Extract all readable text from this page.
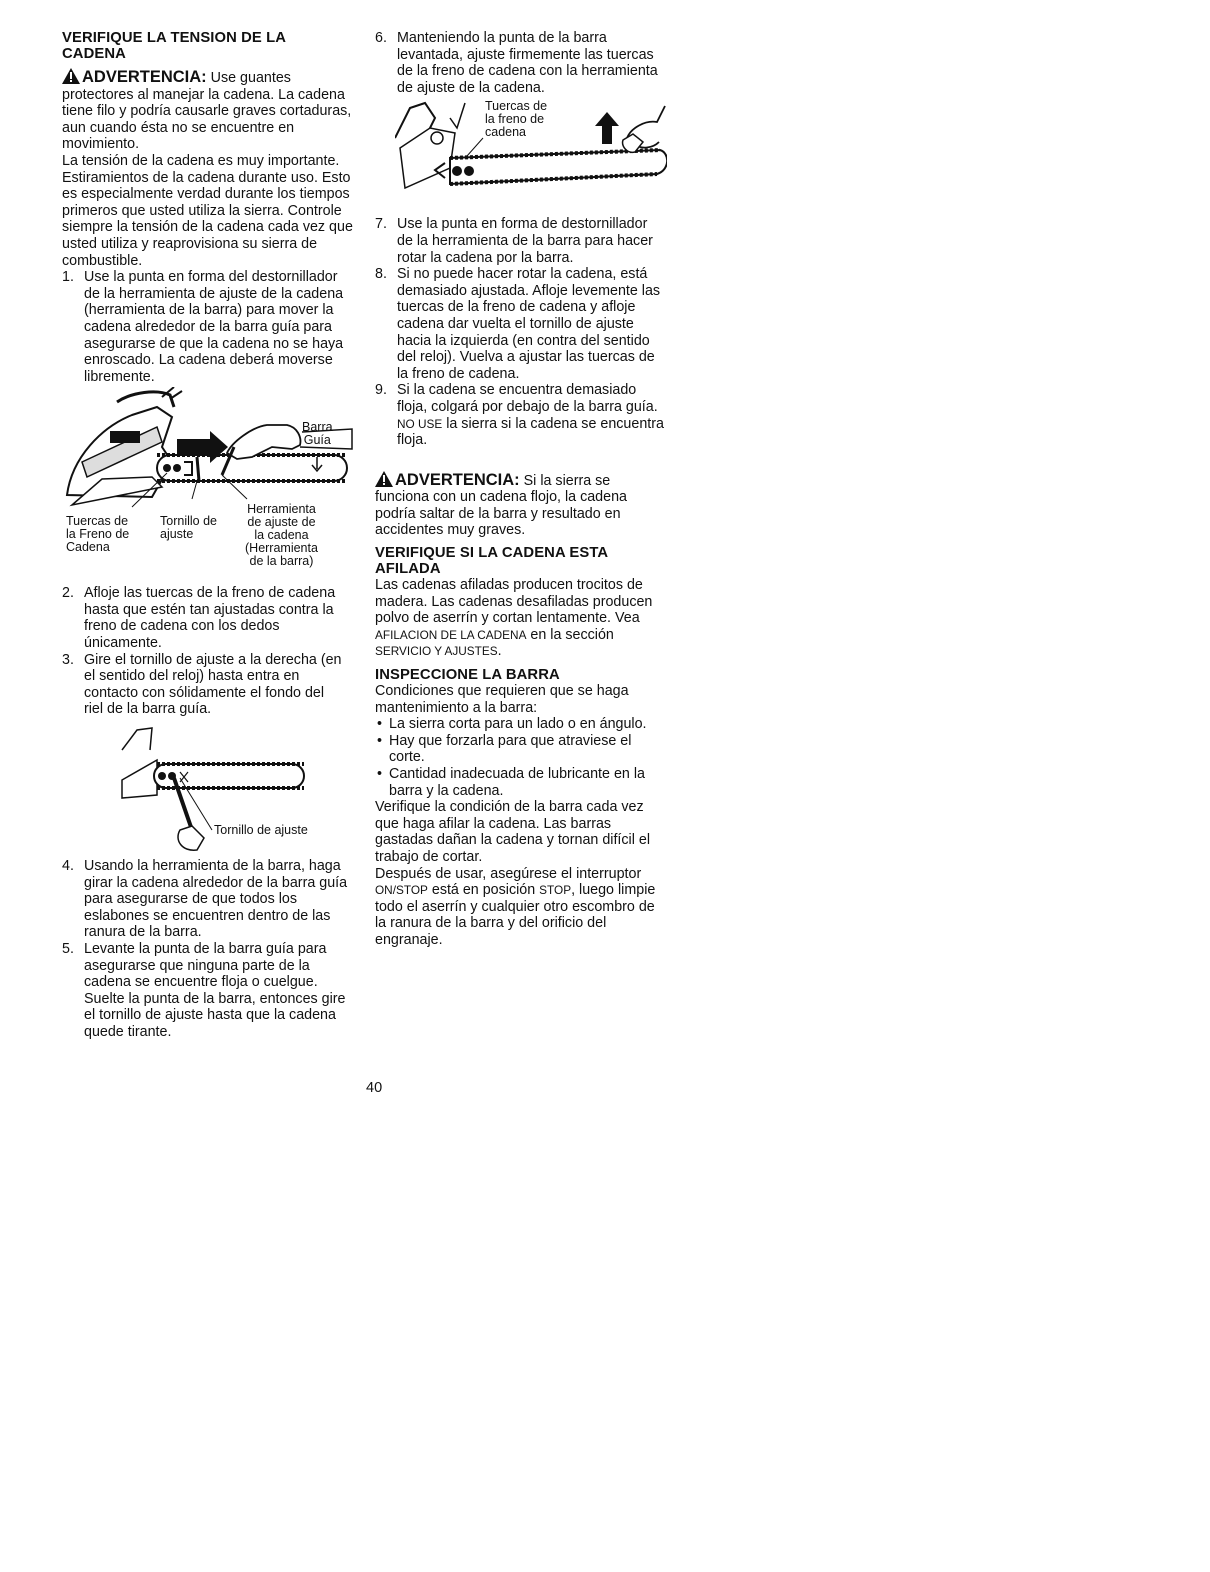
VERIFIQUE LA TENSION DE LA CADENA

ADVERTENCIA: Use guantes protectores al manejar la cadena. La cadena tiene filo y podría causarle graves cortaduras, aun cuando ésta no se encuentre en movimiento.

La tensión de la cadena es muy importante. Estiramientos de la cadena durante uso. Esto es especialmente verdad durante los tiempos primeros que usted utiliza la sierra. Controle siempre la tensión de la cadena cada vez que usted utiliza y reaprovisiona su sierra de combustible.

1. Use la punta en forma del destornillador de la herramienta de ajuste de la cadena (herramienta de la barra) para mover la cadena alrededor de la barra guía para asegurarse de que la cadena no se haya enroscado. La cadena deberá moverse libremente.
Barra
Guía
Tuercas de
la Freno de
Cadena
Tornillo de
ajuste
Herramienta
de ajuste de
la cadena
(Herramienta
de la barra)
2. Afloje las tuercas de la freno de cadena hasta que estén tan ajustadas contra la freno de cadena con los dedos únicamente.
3. Gire el tornillo de ajuste a la derecha (en el sentido del reloj) hasta entra en contacto con sólidamente el fondo del riel de la barra guía.
Tornillo de ajuste
4. Usando la herramienta de la barra, haga girar la cadena alrededor de la barra guía para asegurarse de que todos los eslabones se encuentren dentro de las ranura de la barra.
5. Levante la punta de la barra guía para asegurarse que ninguna parte de la cadena se encuentre floja o cuelgue. Suelte la punta de la barra, entonces gire el tornillo de ajuste hasta que la cadena quede tirante.
6. Manteniendo la punta de la barra levantada, ajuste firmemente las tuercas de la freno de cadena con la herramienta de ajuste de la cadena.
Tuercas de
la freno de
cadena
7. Use la punta en forma de destornillador de la herramienta de la barra para hacer rotar la cadena por la barra.
8. Si no puede hacer rotar la cadena, está demasiado ajustada. Afloje levemente las tuercas de la freno de cadena y afloje cadena dar vuelta el tornillo de ajuste hacia la izquierda (en contra del sentido del reloj). Vuelva a ajustar las tuercas de la freno de cadena.
9. Si la cadena se encuentra demasiado floja, colgará por debajo de la barra guía. NO USE la sierra si la cadena se encuentra floja.

ADVERTENCIA: Si la sierra se funciona con un cadena flojo, la cadena podría saltar de la barra y resultado en accidentes muy graves.

VERIFIQUE SI LA CADENA ESTA AFILADA

Las cadenas afiladas producen trocitos de madera. Las cadenas desafiladas producen polvo de aserrín y cortan lentamente. Vea AFILACION DE LA CADENA en la sección SERVICIO Y AJUSTES.

INSPECCIONE LA BARRA

Condiciones que requieren que se haga mantenimiento a la barra:

• La sierra corta para un lado o en ángulo.
• Hay que forzarla para que atraviese el corte.
• Cantidad inadecuada de lubricante en la barra y la cadena.

Verifique la condición de la barra cada vez que haga afilar la cadena. Las barras gastadas dañan la cadena y tornan difícil el trabajo de cortar.

Después de usar, asegúrese el interruptor ON/STOP está en posición STOP, luego limpie todo el aserrín y cualquier otro escombro de la ranura de la barra y del orificio del engranaje.

40
